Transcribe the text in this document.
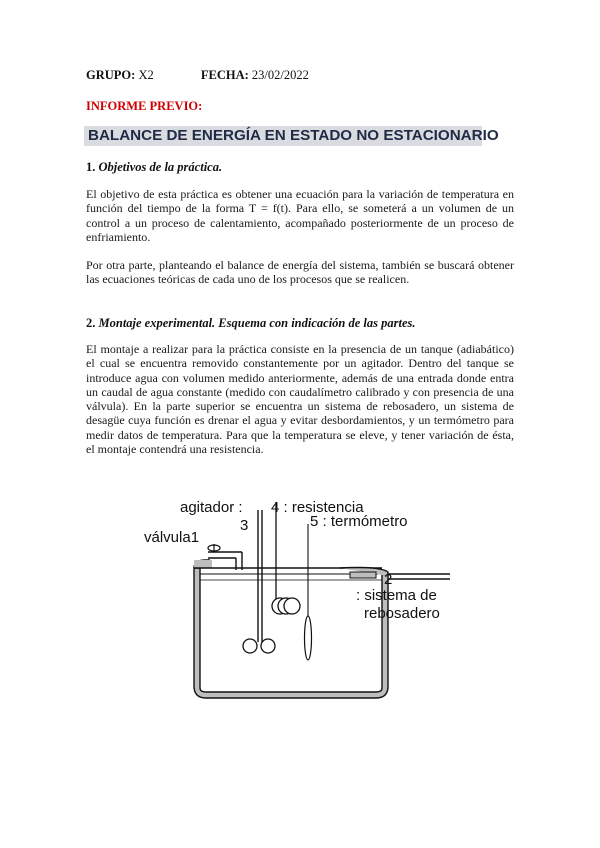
GRUPO: X2	FECHA: 23/02/2022
INFORME PREVIO:
BALANCE DE ENERGÍA EN ESTADO NO ESTACIONARIO
1. Objetivos de la práctica.
El objetivo de esta práctica es obtener una ecuación para la variación de temperatura en función del tiempo de la forma T = f(t). Para ello, se someterá a un volumen de un control a un proceso de calentamiento, acompañado posteriormente de un proceso de enfriamiento.
Por otra parte, planteando el balance de energía del sistema, también se buscará obtener las ecuaciones teóricas de cada uno de los procesos que se realicen.
2. Montaje experimental. Esquema con indicación de las partes.
El montaje a realizar para la práctica consiste en la presencia de un tanque (adiabático) el cual se encuentra removido constantemente por un agitador. Dentro del tanque se introduce agua con volumen medido anteriormente, además de una entrada donde entra un caudal de agua constante (medido con caudalímetro calibrado y con presencia de una válvula). En la parte superior se encuentra un sistema de rebosadero, un sistema de desagüe cuya función es drenar el agua y evitar desbordamientos, y un termómetro para medir datos de temperatura. Para que la temperatura se eleve, y tener variación de ésta, el montaje contendrá una resistencia.
agitador :
3
4 : resistencia
5 : termómetro
válvula1
2
: sistema de
rebosadero
